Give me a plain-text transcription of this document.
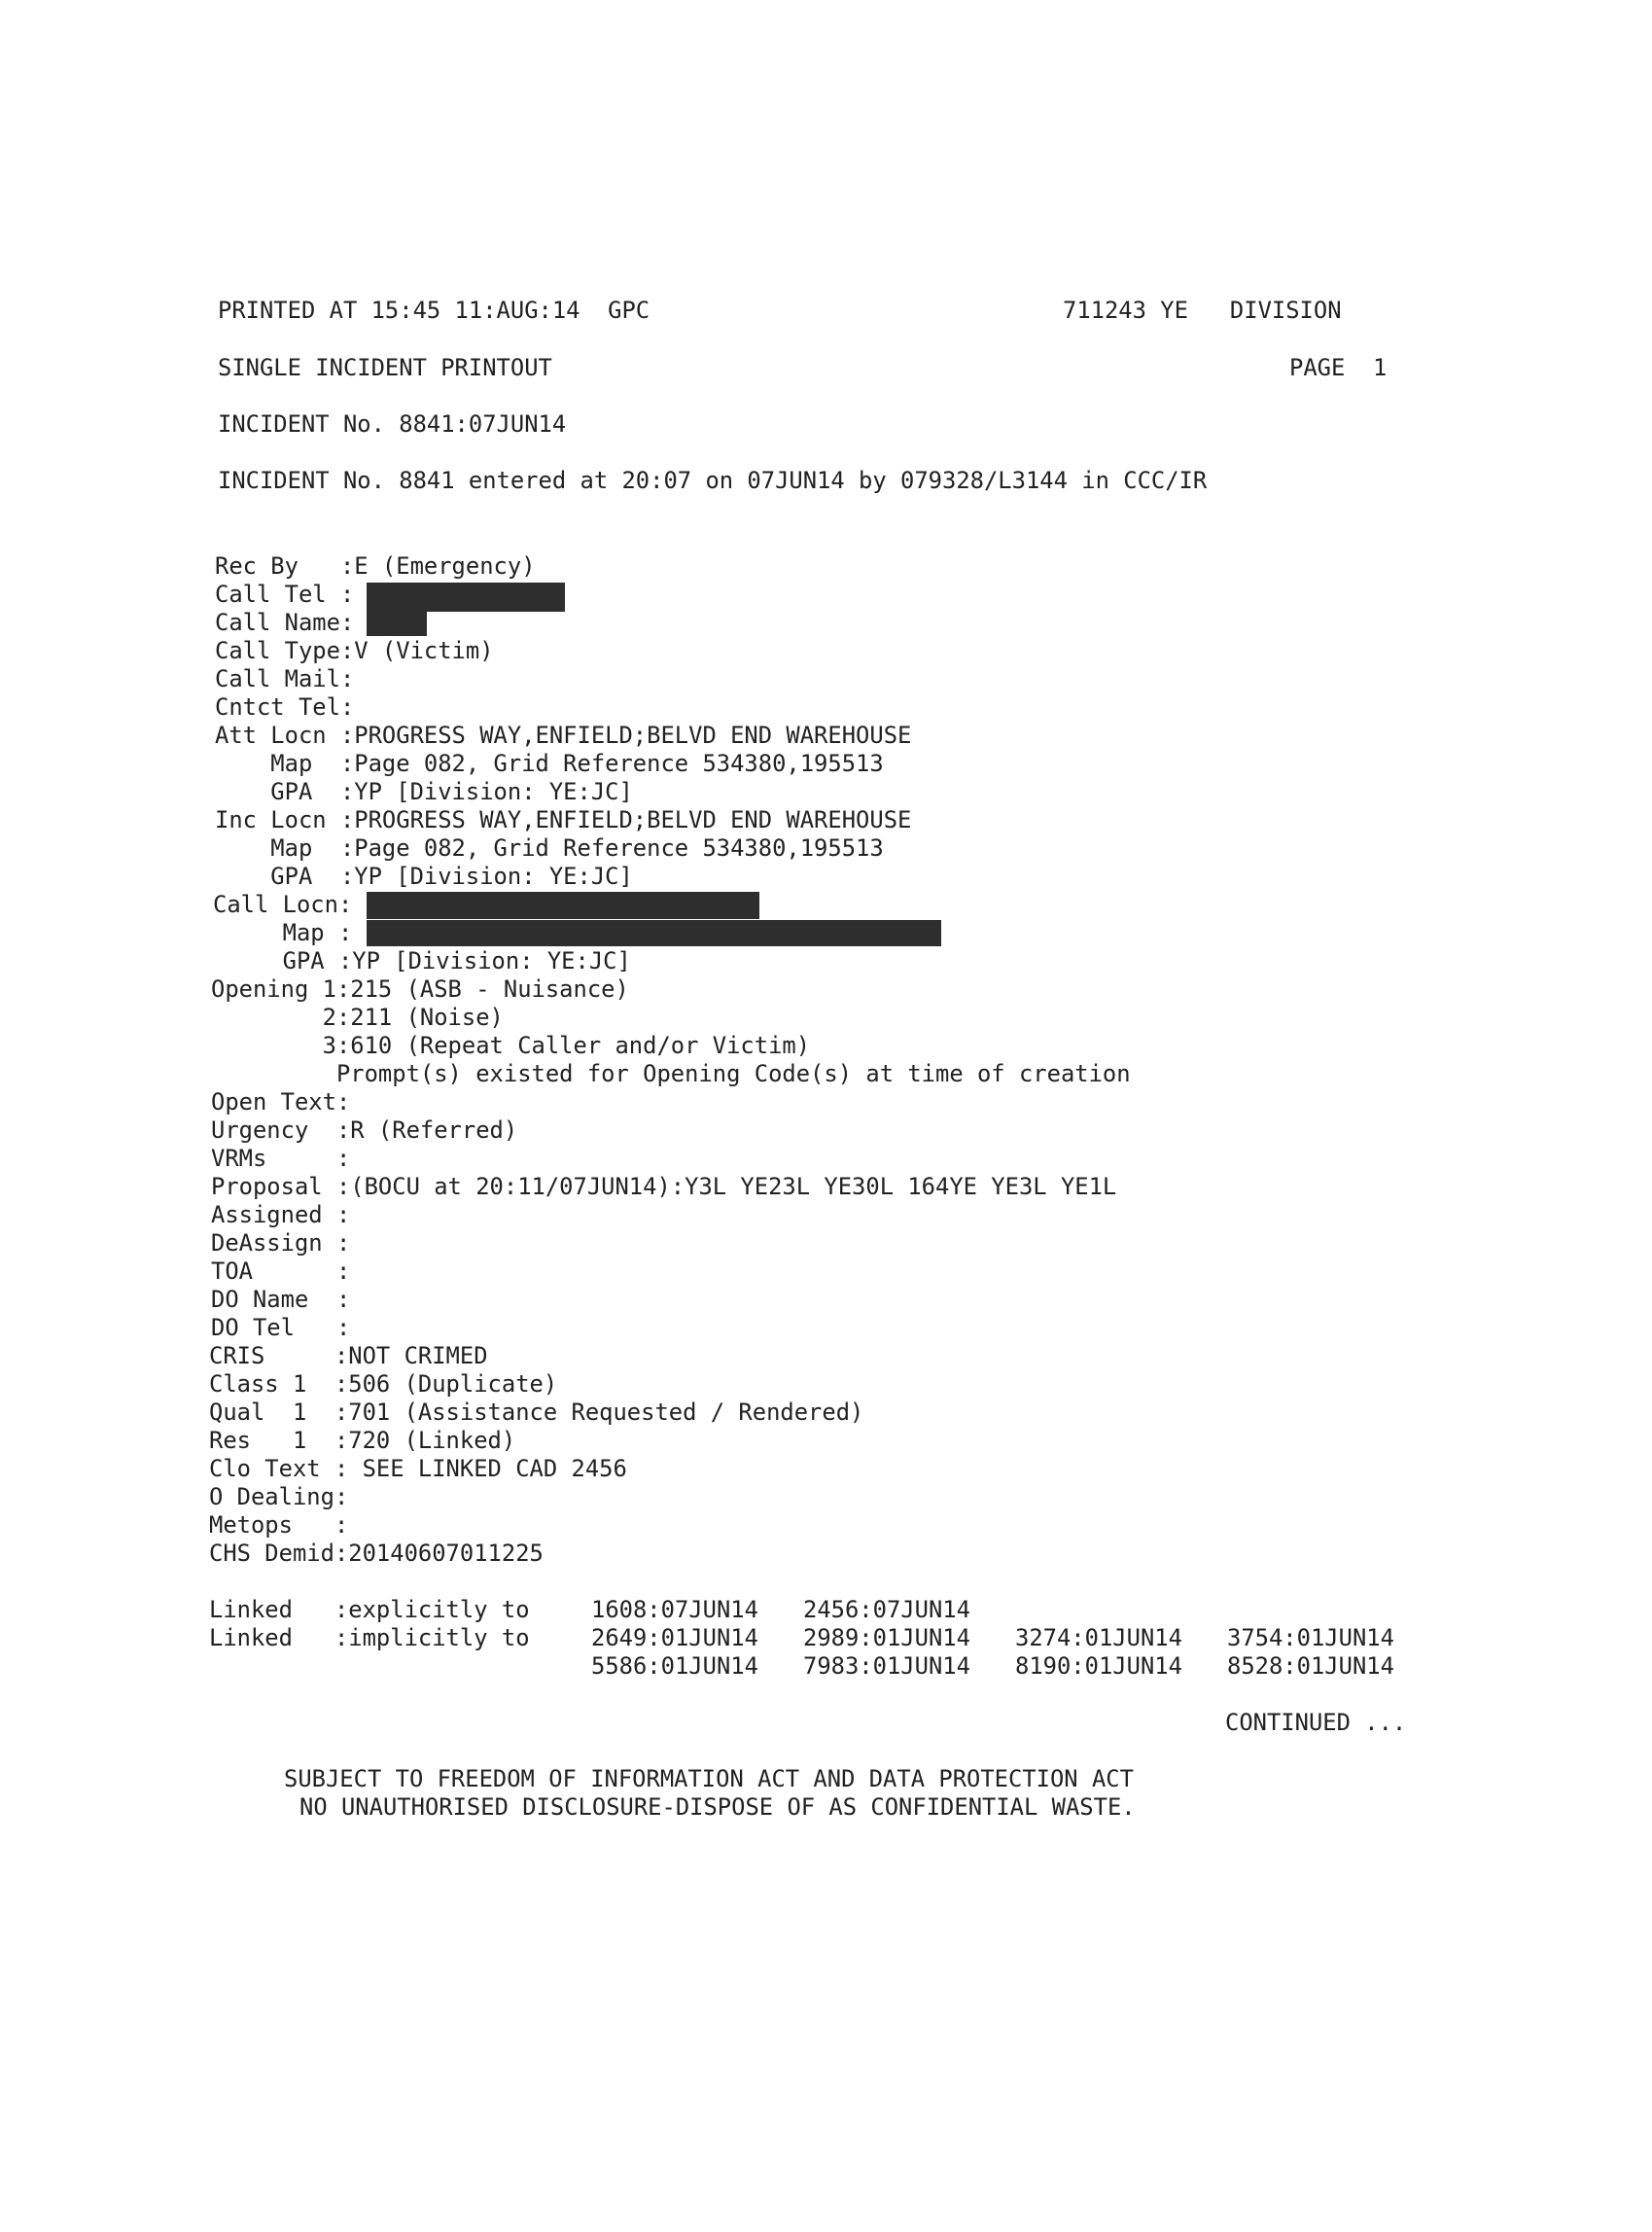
PRINTED AT 15:45 11:AUG:14  GPC	711243 YE   DIVISION
SINGLE INCIDENT PRINTOUT	PAGE  1
INCIDENT No. 8841:07JUN14
INCIDENT No. 8841 entered at 20:07 on 07JUN14 by 079328/L3144 in CCC/IR
Rec By   :E (Emergency)
Call Tel :
Call Name:
Call Type:V (Victim)
Call Mail:
Cntct Tel:
Att Locn :PROGRESS WAY,ENFIELD;BELVD END WAREHOUSE
Map  :Page 082, Grid Reference 534380,195513
GPA  :YP [Division: YE:JC]
Inc Locn :PROGRESS WAY,ENFIELD;BELVD END WAREHOUSE
Map  :Page 082, Grid Reference 534380,195513
GPA  :YP [Division: YE:JC]
Call Locn:
Map :
GPA :YP [Division: YE:JC]
Opening 1:215 (ASB - Nuisance)
2:211 (Noise)
3:610 (Repeat Caller and/or Victim)
Prompt(s) existed for Opening Code(s) at time of creation
Open Text:
Urgency  :R (Referred)
VRMs     :
Proposal :(BOCU at 20:11/07JUN14):Y3L YE23L YE30L 164YE YE3L YE1L
Assigned :
DeAssign :
TOA      :
DO Name  :
DO Tel   :
CRIS     :NOT CRIMED
Class 1  :506 (Duplicate)
Qual  1  :701 (Assistance Requested / Rendered)
Res   1  :720 (Linked)
Clo Text : SEE LINKED CAD 2456
O Dealing:
Metops   :
CHS Demid:20140607011225
Linked   :explicitly to	1608:07JUN14 2456:07JUN14
Linked   :implicitly to	2649:01JUN14 2989:01JUN14 3274:01JUN14 3754:01JUN14
5586:01JUN14 7983:01JUN14 8190:01JUN14 8528:01JUN14
CONTINUED ...
SUBJECT TO FREEDOM OF INFORMATION ACT AND DATA PROTECTION ACT
NO UNAUTHORISED DISCLOSURE-DISPOSE OF AS CONFIDENTIAL WASTE.
